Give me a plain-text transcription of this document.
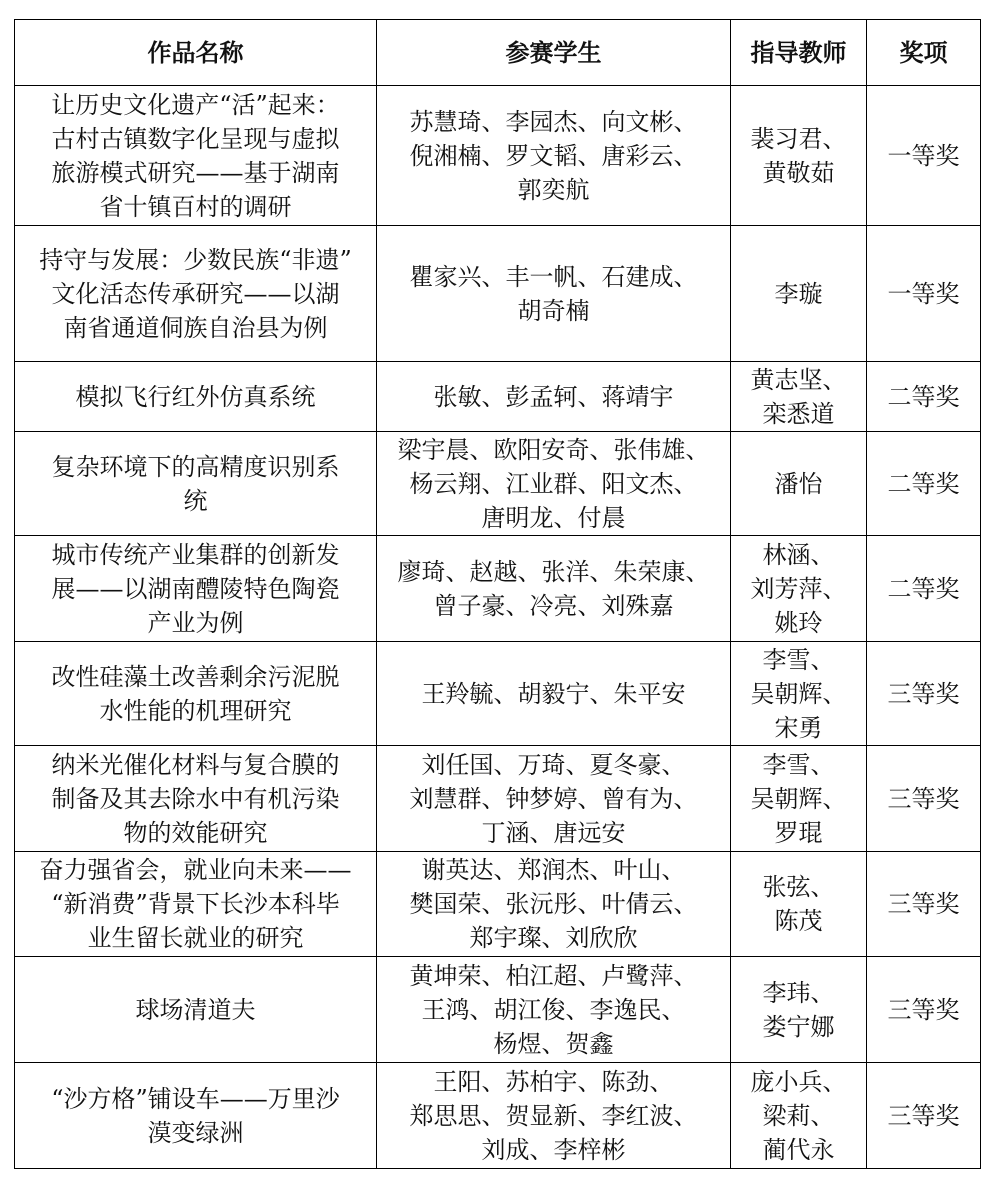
作品名称	参赛学生	指导教师	奖项

让历史文化遗产“活”起来：
古村古镇数字化呈现与虚拟
旅游模式研究——基于湖南
省十镇百村的调研	苏慧琦、李园杰、向文彬、
倪湘楠、罗文韬、唐彩云、
郭奕航	裴习君、
黄敬茹	一等奖

持守与发展：少数民族“非遗”
文化活态传承研究——以湖
南省通道侗族自治县为例	瞿家兴、丰一帆、石建成、
胡奇楠	李璇	一等奖

模拟飞行红外仿真系统	张敏、彭孟轲、蒋靖宇	黄志坚、
栾悉道	二等奖

复杂环境下的高精度识别系
统	梁宇晨、欧阳安奇、张伟雄、
杨云翔、江业群、阳文杰、
唐明龙、付晨	潘怡	二等奖

城市传统产业集群的创新发
展——以湖南醴陵特色陶瓷
产业为例	廖琦、赵越、张洋、朱荣康、
曾子豪、冷亮、刘殊嘉	林涵、
刘芳萍、
姚玲	二等奖

改性硅藻土改善剩余污泥脱
水性能的机理研究	王羚毓、胡毅宁、朱平安	李雪、
吴朝辉、
宋勇	三等奖

纳米光催化材料与复合膜的
制备及其去除水中有机污染
物的效能研究	刘任国、万琦、夏冬豪、
刘慧群、钟梦婷、曾有为、
丁涵、唐远安	李雪、
吴朝辉、
罗琨	三等奖

奋力强省会，就业向未来——
“新消费”背景下长沙本科毕
业生留长就业的研究	谢英达、郑润杰、叶山、
樊国荣、张沅彤、叶倩云、
郑宇璨、刘欣欣	张弦、
陈茂	三等奖

球场清道夫	黄坤荣、柏江超、卢鹭萍、
王鸿、胡江俊、李逸民、
杨煜、贺鑫	李玮、
娄宁娜	三等奖

“沙方格”铺设车——万里沙
漠变绿洲	王阳、苏柏宇、陈劲、
郑思思、贺显新、李红波、
刘成、李梓彬	庞小兵、
梁莉、
蔺代永	三等奖
